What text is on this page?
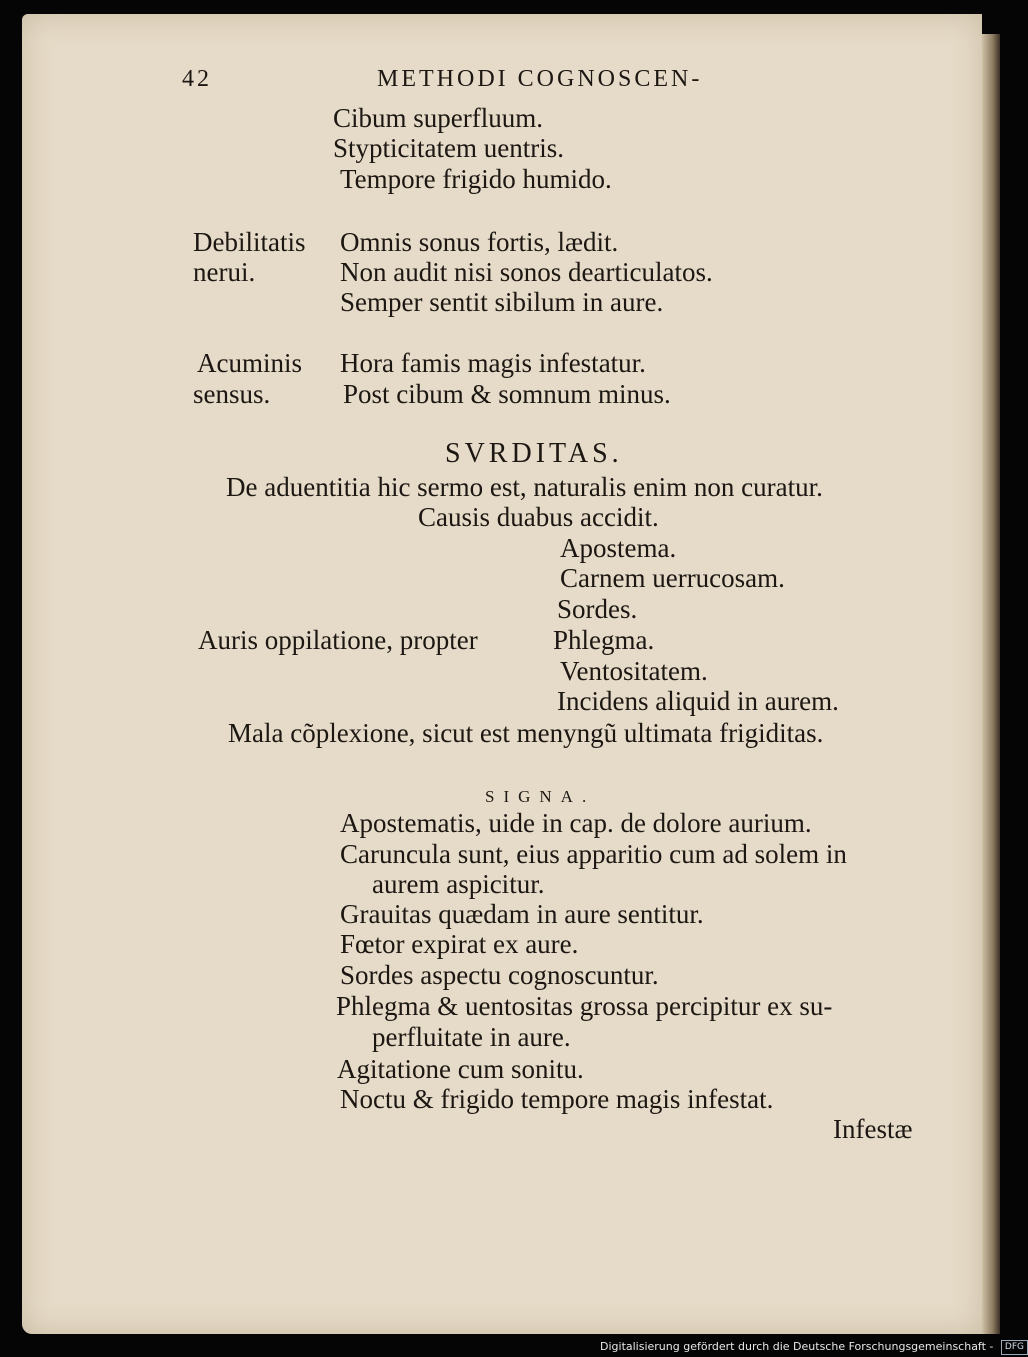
42	METHODI COGNOSCEN-
Cibum superfluum.
Stypticitatem uentris.
Tempore frigido humido.
Debilitatis Omnis sonus fortis, lædit.
nerui.	Non audit nisi sonos dearticulatos.
Semper sentit sibilum in aure.
Acuminis Hora famis magis infestatur.
sensus.	Post cibum & somnum minus.
De aduentitia hic sermo est, naturalis enim non curatur.
Causis duabus accidit.
Apostema.
Carnem uerrucosam.
Sordes.
Auris oppilatione, propter	Phlegma.
Ventositatem.
Incidens aliquid in aurem.
Mala cõplexione, sicut est menyngũ ultimata frigiditas.
Apostematis, uide in cap. de dolore aurium.
Caruncula sunt, eius apparitio cum ad solem in
aurem aspicitur.
Grauitas quædam in aure sentitur.
Fœtor expirat ex aure.
Sordes aspectu cognoscuntur.
Phlegma & uentositas grossa percipitur ex su-
perfluitate in aure.
Agitatione cum sonitu.
Noctu & frigido tempore magis infestat.
Infestæ
SVRDITAS.
SIGNA.
Digitalisierung gefördert durch die Deutsche Forschungsgemeinschaft - DFG
